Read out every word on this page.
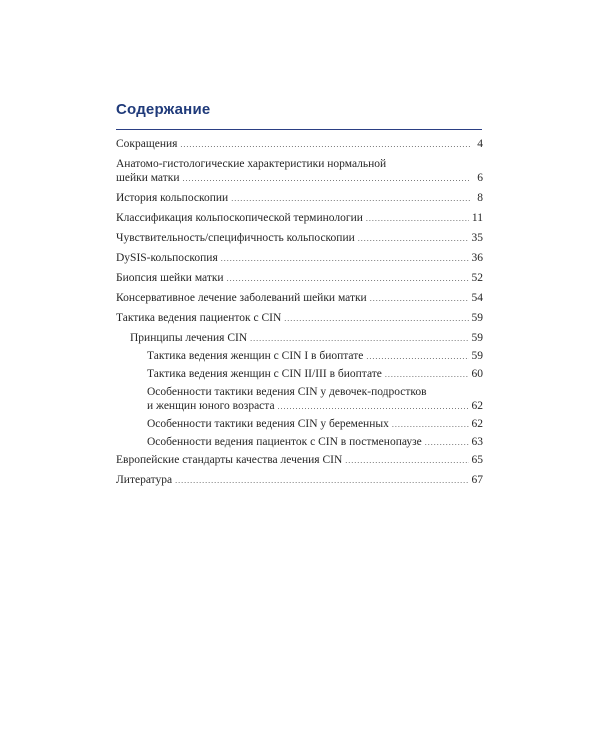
Содержание
Сокращения .....	4
Анатомо-гистологические характеристики нормальной
шейки матки .....	6
История кольпоскопии .....	8
Классификация кольпоскопической терминологии .....	11
Чувствительность/специфичность кольпоскопии .....	35
DySIS-кольпоскопия .....	36
Биопсия шейки матки .....	52
Консервативное лечение заболеваний шейки матки .....	54
Тактика ведения пациенток с CIN .....	59
Принципы лечения CIN .....	59
Тактика ведения женщин с CIN I в биоптате .....	59
Тактика ведения женщин с CIN II/III в биоптате .....	60
Особенности тактики ведения CIN у девочек-подростков
и женщин юного возраста .....	62
Особенности тактики ведения CIN у беременных .....	62
Особенности ведения пациенток с CIN в постменопаузе .....	63
Европейские стандарты качества лечения CIN .....	65
Литература .....	67
